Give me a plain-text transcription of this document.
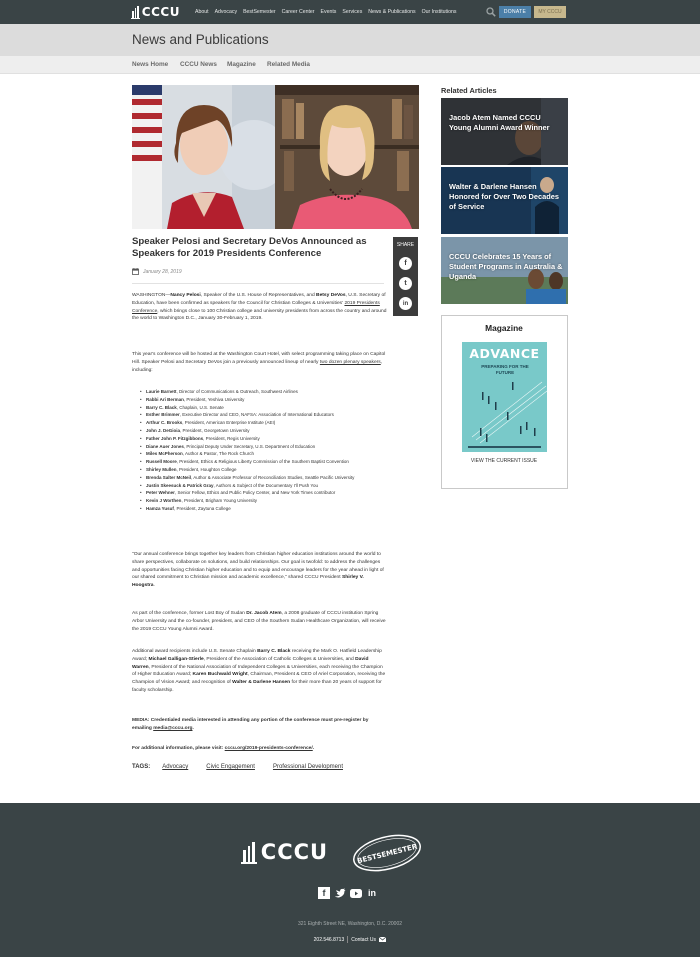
CCCU	About Advocacy BestSemester Career Center Events Services News & Publications Our Institutions	DONATE	MY CCCU
News and Publications
News Home CCCU News Magazine Related Media
Speaker Pelosi and Secretary DeVos Announced as Speakers for 2019 Presidents Conference
January 28, 2019
SHARE
f
t
in
WASHINGTON—Nancy Pelosi, Speaker of the U.S. House of Representatives, and Betsy DeVos, U.S. Secretary of Education, have been confirmed as speakers for the Council for Christian Colleges & Universities' 2019 Presidents Conference, which brings close to 100 Christian college and university presidents from across the country and around the world to Washington D.C., January 30-February 1, 2019.
This year's conference will be hosted at the Washington Court Hotel, with select programming taking place on Capitol Hill. Speaker Pelosi and Secretary DeVos join a previously announced lineup of nearly two dozen plenary speakers, including:
• Laurie Barnett, Director of Communications & Outreach, Southwest Airlines
• Rabbi Ari Berman, President, Yeshiva University
• Barry C. Black, Chaplain, U.S. Senate
• Esther Brimmer, Executive Director and CEO, NAFSA: Association of International Educators
• Arthur C. Brooks, President, American Enterprise Institute (AEI)
• John J. DeGioia, President, Georgetown University
• Father John P. Fitzgibbons, President, Regis University
• Diane Auer Jones, Principal Deputy Under Secretary, U.S. Department of Education
• Miles McPherson, Author & Pastor, The Rock Church
• Russell Moore, President, Ethics & Religious Liberty Commission of the Southern Baptist Convention
• Shirley Mullen, President, Houghton College
• Brenda Salter McNeil, Author & Associate Professor of Reconciliation Studies, Seattle Pacific University
• Justin Skeesuck & Patrick Gray, Authors & Subject of the Documentary I'll Push You
• Peter Wehner, Senior Fellow, Ethics and Public Policy Center, and New York Times contributor
• Kevin J Worthen, President, Brigham Young University
• Hamza Yusuf, President, Zaytuna College
"Our annual conference brings together key leaders from Christian higher education institutions around the world to share perspectives, collaborate on solutions, and build relationships. Our goal is twofold: to address the challenges and opportunities facing Christian higher education and to equip and encourage leaders for the year ahead in light of our shared commitment to Christian mission and academic excellence," shared CCCU President Shirley V. Hoogstra.
As part of the conference, former Lost Boy of Sudan Dr. Jacob Atem, a 2008 graduate of CCCU institution Spring Arbor University and the co-founder, president, and CEO of the Southern Sudan Healthcare Organization, will receive the 2019 CCCU Young Alumni Award.
Additional award recipients include U.S. Senate Chaplain Barry C. Black receiving the Mark O. Hatfield Leadership Award; Michael Galligan-Stierle, President of the Association of Catholic Colleges & Universities, and David Warren, President of the National Association of Independent Colleges & Universities, each receiving the Champion of Higher Education Award; Karen Buchwald Wright, Chairman, President & CEO of Ariel Corporation, receiving the Champion of Vision Award; and recognition of Walter & Darlene Hansen for their more than 20 years of support for faculty scholarship.
MEDIA: Credentialed media interested in attending any portion of the conference must pre-register by emailing media@cccu.org.
For additional information, please visit: cccu.org/2019-presidents-conference/.
TAGS: Advocacy	Civic Engagement	Professional Development
Related Articles
Jacob Atem Named CCCU Young Alumni Award Winner
Walter & Darlene Hansen Honored for Over Two Decades of Service
CCCU Celebrates 15 Years of Student Programs in Australia & Uganda
Magazine
ADVANCE
PREPARING FOR THE FUTURE
VIEW THE CURRENT ISSUE
CCCU	BESTSEMESTER
f	in
321 Eighth Street NE, Washington, D.C. 20002
202.546.8713 Contact Us
